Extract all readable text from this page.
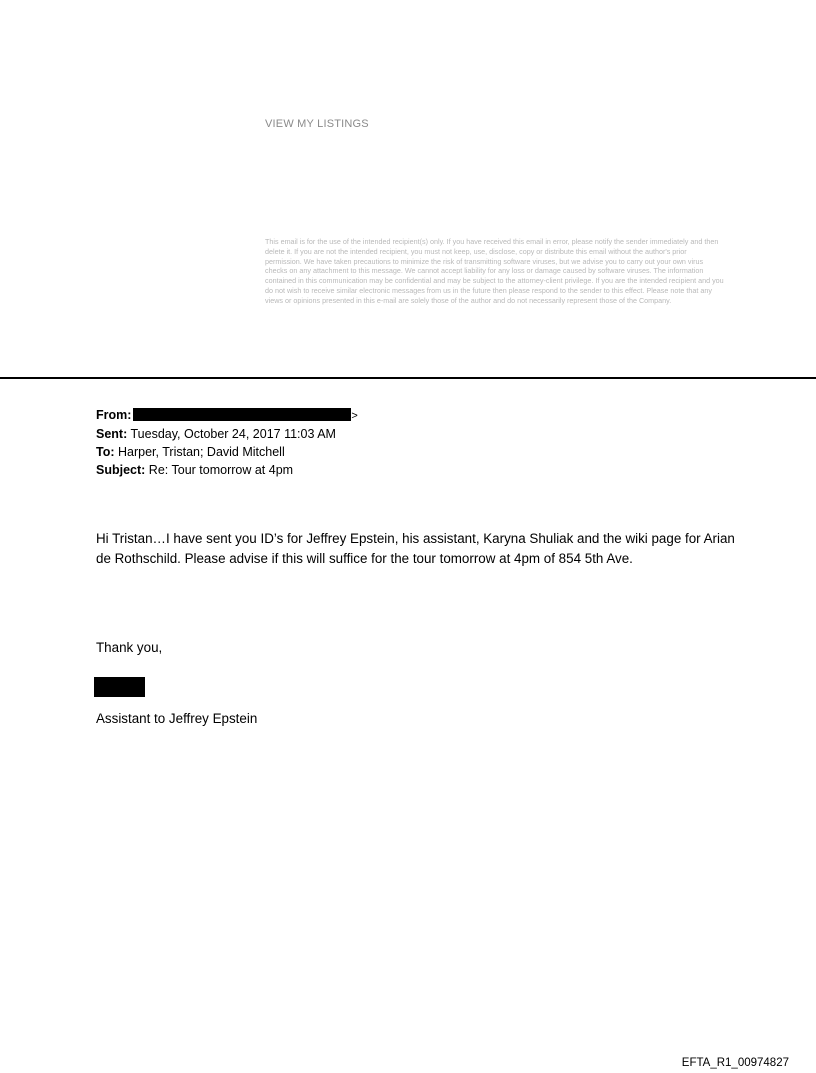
VIEW MY LISTINGS
This email is for the use of the intended recipient(s) only. If you have received this email in error, please notify the sender immediately and then delete it. If you are not the intended recipient, you must not keep, use, disclose, copy or distribute this email without the author's prior permission. We have taken precautions to minimize the risk of transmitting software viruses, but we advise you to carry out your own virus checks on any attachment to this message. We cannot accept liability for any loss or damage caused by software viruses. The information contained in this communication may be confidential and may be subject to the attorney-client privilege. If you are the intended recipient and you do not wish to receive similar electronic messages from us in the future then please respond to the sender to this effect. Please note that any views or opinions presented in this e-mail are solely those of the author and do not necessarily represent those of the Company.
From:	>
Sent: Tuesday, October 24, 2017 11:03 AM
To: Harper, Tristan; David Mitchell
Subject: Re: Tour tomorrow at 4pm
Hi Tristan…I have sent you ID’s for Jeffrey Epstein, his assistant, Karyna Shuliak and the wiki page for Arian de Rothschild. Please advise if this will suffice for the tour tomorrow at 4pm of 854 5th Ave.
Thank you,
Assistant to Jeffrey Epstein
EFTA_R1_00974827
